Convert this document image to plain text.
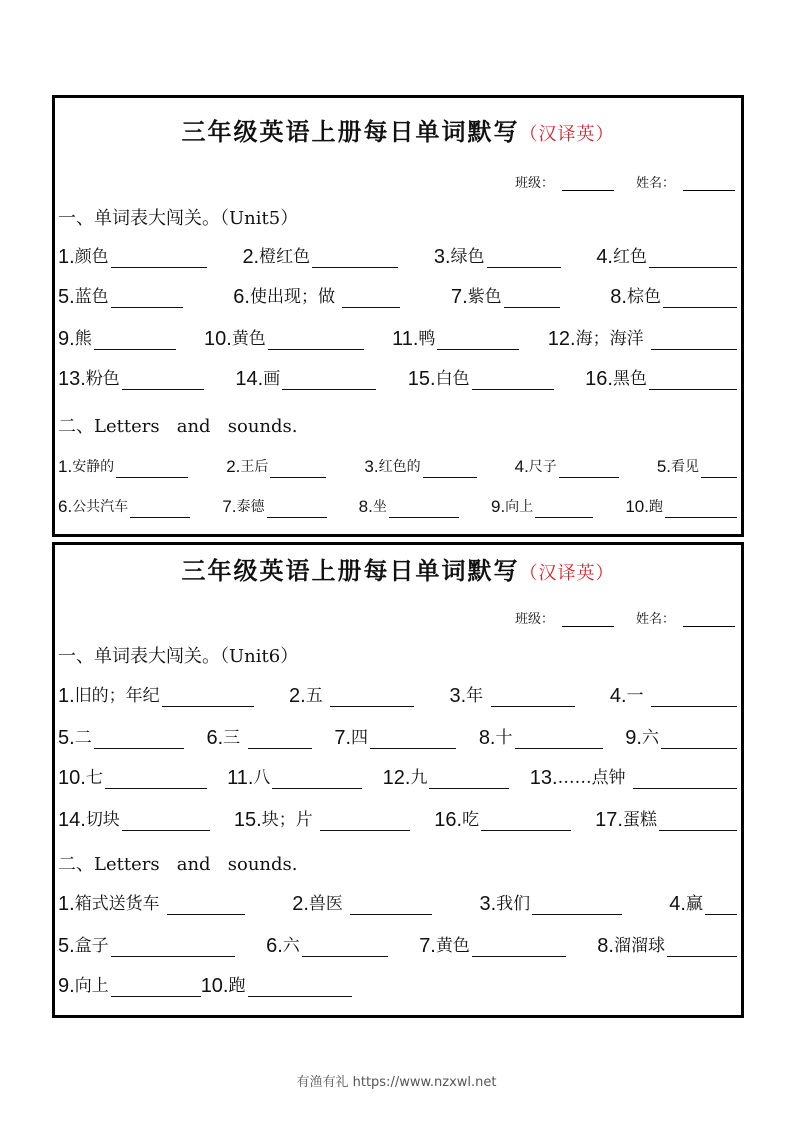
三年级英语上册每日单词默写（汉译英）
班级：	姓名：
一、单词表大闯关。（Unit5）
1. 颜色	2. 橙红色	3. 绿色	4. 红色
5. 蓝色	6. 使出现；做	7. 紫色	8. 棕色
9. 熊	10. 黄色	11. 鸭	12. 海；海洋
13. 粉色	14. 画	15. 白色	16. 黑色
二、Letters   and   sounds.
1. 安静的	2. 王后	3. 红色的	4. 尺子	5. 看见
6. 公共汽车	7. 泰德	8. 坐	9. 向上	10. 跑
三年级英语上册每日单词默写（汉译英）
班级：	姓名：
一、单词表大闯关。（Unit6）
1. 旧的；年纪	2. 五	3. 年	4. 一
5. 二	6. 三	7. 四	8. 十	9. 六
10. 七	11. 八	12. 九	13. ……点钟
14. 切块	15. 块；片	16. 吃	17. 蛋糕
二、Letters   and   sounds.
1. 箱式送货车	2. 兽医	3. 我们	4. 赢
5. 盒子	6. 六	7. 黄色	8. 溜溜球
9. 向上	10. 跑
有渔有礼 https://www.nzxwl.net
